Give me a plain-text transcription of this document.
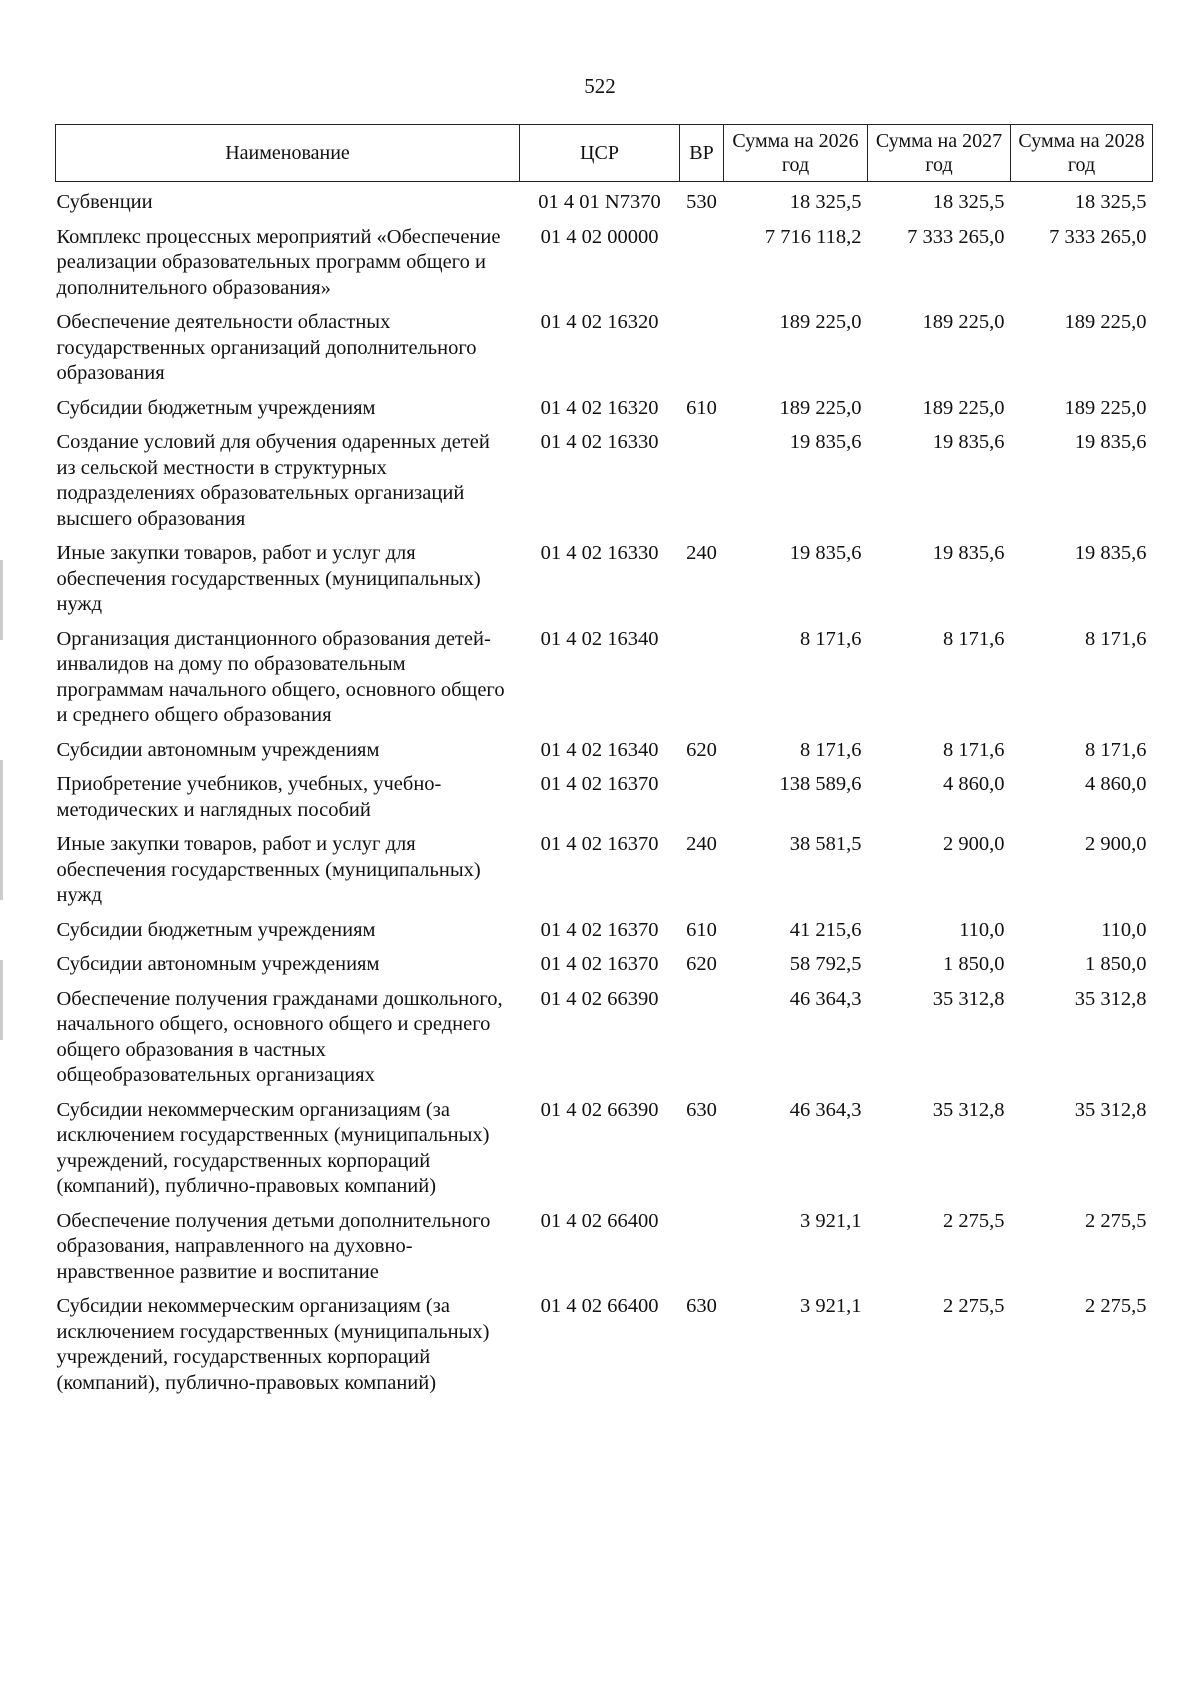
522
Наименование	ЦСР	ВР	Сумма на 2026 год	Сумма на 2027 год	Сумма на 2028 год
Субвенции	01 4 01 N7370	530	18 325,5	18 325,5	18 325,5
Комплекс процессных мероприятий «Обеспечение реализации образовательных программ общего и дополнительного образования»	01 4 02 00000		7 716 118,2	7 333 265,0	7 333 265,0
Обеспечение деятельности областных государственных организаций дополнительного образования	01 4 02 16320		189 225,0	189 225,0	189 225,0
Субсидии бюджетным учреждениям	01 4 02 16320	610	189 225,0	189 225,0	189 225,0
Создание условий для обучения одаренных детей из сельской местности в структурных подразделениях образовательных организаций высшего образования	01 4 02 16330		19 835,6	19 835,6	19 835,6
Иные закупки товаров, работ и услуг для обеспечения государственных (муниципальных) нужд	01 4 02 16330	240	19 835,6	19 835,6	19 835,6
Организация дистанционного образования детей-инвалидов на дому по образовательным программам начального общего, основного общего и среднего общего образования	01 4 02 16340		8 171,6	8 171,6	8 171,6
Субсидии автономным учреждениям	01 4 02 16340	620	8 171,6	8 171,6	8 171,6
Приобретение учебников, учебных, учебно-методических и наглядных пособий	01 4 02 16370		138 589,6	4 860,0	4 860,0
Иные закупки товаров, работ и услуг для обеспечения государственных (муниципальных) нужд	01 4 02 16370	240	38 581,5	2 900,0	2 900,0
Субсидии бюджетным учреждениям	01 4 02 16370	610	41 215,6	110,0	110,0
Субсидии автономным учреждениям	01 4 02 16370	620	58 792,5	1 850,0	1 850,0
Обеспечение получения гражданами дошкольного, начального общего, основного общего и среднего общего образования в частных общеобразовательных организациях	01 4 02 66390		46 364,3	35 312,8	35 312,8
Субсидии некоммерческим организациям (за исключением государственных (муниципальных) учреждений, государственных корпораций (компаний), публично-правовых компаний)	01 4 02 66390	630	46 364,3	35 312,8	35 312,8
Обеспечение получения детьми дополнительного образования, направленного на духовно-нравственное развитие и воспитание	01 4 02 66400		3 921,1	2 275,5	2 275,5
Субсидии некоммерческим организациям (за исключением государственных (муниципальных) учреждений, государственных корпораций (компаний), публично-правовых компаний)	01 4 02 66400	630	3 921,1	2 275,5	2 275,5
